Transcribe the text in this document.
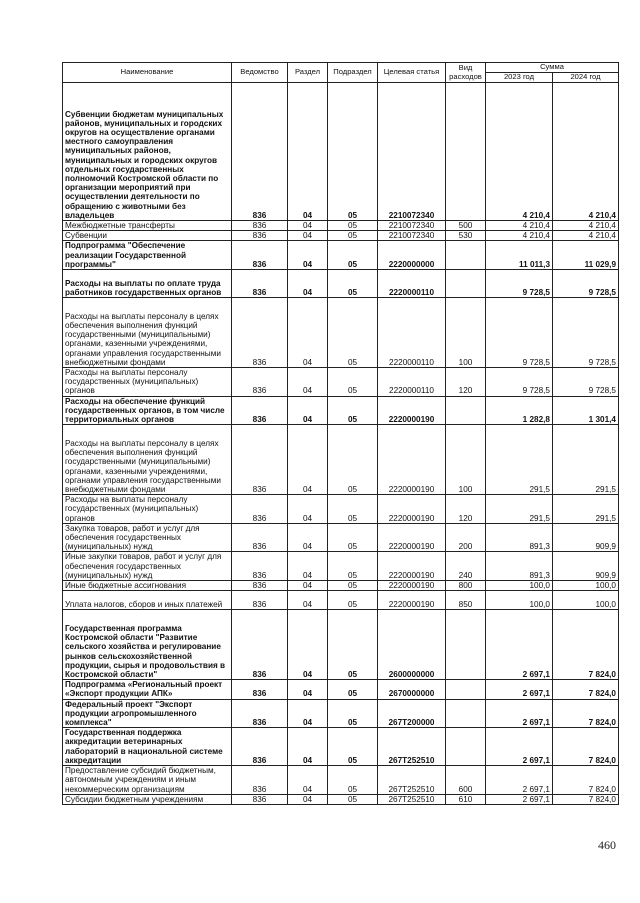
Наименование	Ведомство	Раздел	Подраздел	Целевая статья	Вид расходов	Сумма	
						2023 год	2024 год
Субвенции бюджетам муниципальных районов, муниципальных и городских округов на осуществление органами местного самоуправления муниципальных районов, муниципальных и городских округов отдельных государственных полномочий Костромской области по организации мероприятий при осуществлении деятельности по обращению с животными без владельцев	836	04	05	2210072340		4 210,4	4 210,4
Межбюджетные трансферты	836	04	05	2210072340	500	4 210,4	4 210,4
Субвенции	836	04	05	2210072340	530	4 210,4	4 210,4
Подпрограмма "Обеспечение реализации Государственной программы"	836	04	05	2220000000		11 011,3	11 029,9
Расходы на выплаты по оплате труда работников государственных органов	836	04	05	2220000110		9 728,5	9 728,5
Расходы на выплаты персоналу в целях обеспечения выполнения функций государственными (муниципальными) органами, казенными учреждениями, органами управления государственными внебюджетными фондами	836	04	05	2220000110	100	9 728,5	9 728,5
Расходы на выплаты персоналу государственных (муниципальных) органов	836	04	05	2220000110	120	9 728,5	9 728,5
Расходы на обеспечение функций государственных органов, в том числе территориальных органов	836	04	05	2220000190		1 282,8	1 301,4
Расходы на выплаты персоналу в целях обеспечения выполнения функций государственными (муниципальными) органами, казенными учреждениями, органами управления государственными внебюджетными фондами	836	04	05	2220000190	100	291,5	291,5
Расходы на выплаты персоналу государственных (муниципальных) органов	836	04	05	2220000190	120	291,5	291,5
Закупка товаров, работ и услуг для обеспечения государственных (муниципальных) нужд	836	04	05	2220000190	200	891,3	909,9
Иные закупки товаров, работ и услуг для обеспечения государственных (муниципальных) нужд	836	04	05	2220000190	240	891,3	909,9
Иные бюджетные ассигнования	836	04	05	2220000190	800	100,0	100,0
Уплата налогов, сборов и иных платежей	836	04	05	2220000190	850	100,0	100,0
Государственная программа Костромской области "Развитие сельского хозяйства и регулирование рынков сельскохозяйственной продукции, сырья и продовольствия в Костромской области"	836	04	05	2600000000		2 697,1	7 824,0
Подпрограмма «Региональный проект «Экспорт продукции АПК»	836	04	05	2670000000		2 697,1	7 824,0
Федеральный проект "Экспорт продукции агропромышленного комплекса"	836	04	05	267T200000		2 697,1	7 824,0
Государственная поддержка аккредитации ветеринарных лабораторий в национальной системе аккредитации	836	04	05	267T252510		2 697,1	7 824,0
Предоставление субсидий бюджетным, автономным учреждениям и иным некоммерческим организациям	836	04	05	267T252510	600	2 697,1	7 824,0
Субсидии бюджетным учреждениям	836	04	05	267T252510	610	2 697,1	7 824,0
460
